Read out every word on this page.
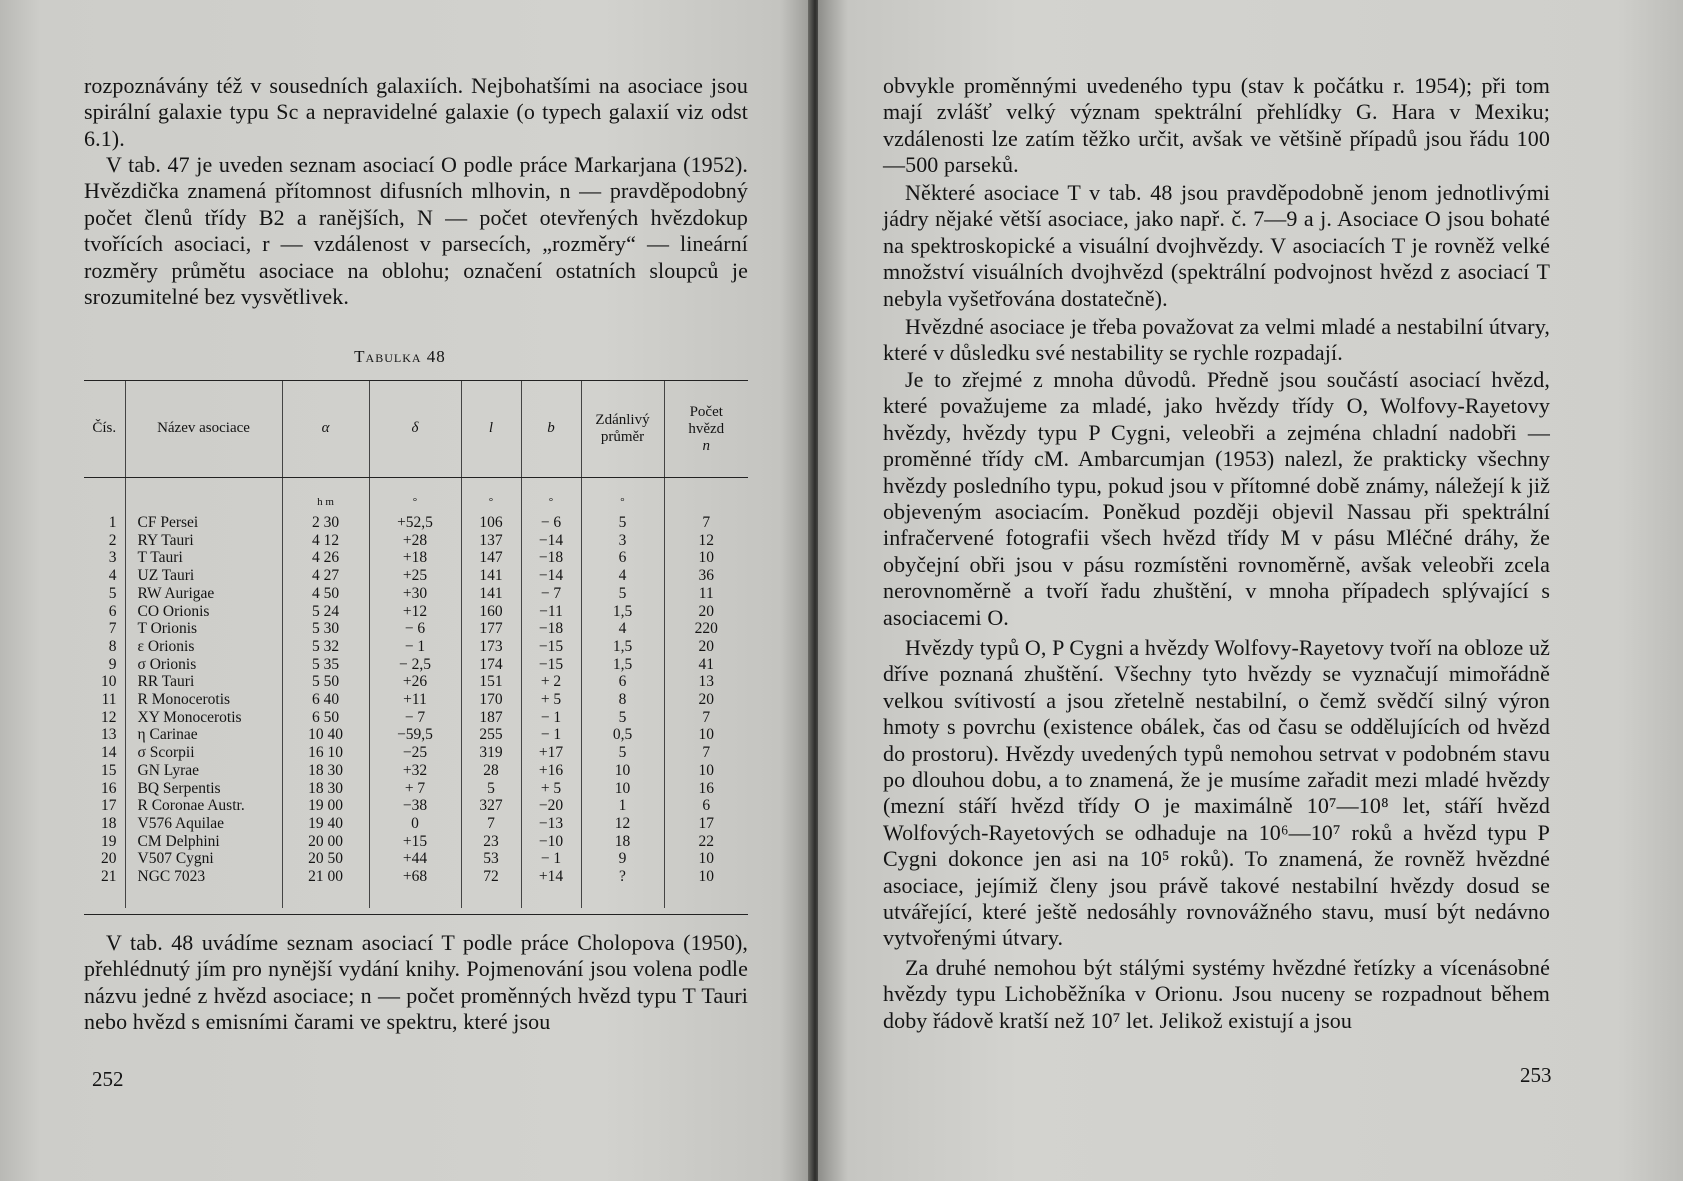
rozpoznávány též v sousedních galaxiích. Nejbohatšími na asociace jsou spirální galaxie typu Sc a nepravidelné galaxie (o typech galaxií viz odst 6.1).

V tab. 47 je uveden seznam asociací O podle práce Markarjana (1952). Hvězdička znamená přítomnost difusních mlhovin, n — pravděpodobný počet členů třídy B2 a ranějších, N — počet otevřených hvězdokup tvořících asociaci, r — vzdálenost v parsecích, „rozměry“ — lineární rozměry průmětu asociace na oblohu; označení ostatních sloupců je srozumitelné bez vysvětlivek.

Tabulka 48
Čís.	Název asociace	α	δ	l	b	Zdánlivý průměr	Počet hvězd
n

		h m	°	°	°	°	
1	CF Persei	2 30	+52,5	106	− 6	5	7
2	RY Tauri	4 12	+28	137	−14	3	12
3	T Tauri	4 26	+18	147	−18	6	10
4	UZ Tauri	4 27	+25	141	−14	4	36
5	RW Aurigae	4 50	+30	141	− 7	5	11
6	CO Orionis	5 24	+12	160	−11	1,5	20
7	T Orionis	5 30	− 6	177	−18	4	220
8	ε Orionis	5 32	− 1	173	−15	1,5	20
9	σ Orionis	5 35	− 2,5	174	−15	1,5	41
10	RR Tauri	5 50	+26	151	+ 2	6	13
11	R Monocerotis	6 40	+11	170	+ 5	8	20
12	XY Monocerotis	6 50	− 7	187	− 1	5	7
13	η Carinae	10 40	−59,5	255	− 1	0,5	10
14	σ Scorpii	16 10	−25	319	+17	5	7
15	GN Lyrae	18 30	+32	28	+16	10	10
16	BQ Serpentis	18 30	+ 7	5	+ 5	10	16
17	R Coronae Austr.	19 00	−38	327	−20	1	6
18	V576 Aquilae	19 40	0	7	−13	12	17
19	CM Delphini	20 00	+15	23	−10	18	22
20	V507 Cygni	20 50	+44	53	− 1	9	10
21	NGC 7023	21 00	+68	72	+14	?	10

V tab. 48 uvádíme seznam asociací T podle práce Cholopova (1950), přehlédnutý jím pro nynější vydání knihy. Pojmenování jsou volena podle názvu jedné z hvězd asociace; n — počet proměnných hvězd typu T Tauri nebo hvězd s emisními čarami ve spektru, které jsou

252

obvykle proměnnými uvedeného typu (stav k počátku r. 1954); při tom mají zvlášť velký význam spektrální přehlídky G. Hara v Mexiku; vzdálenosti lze zatím těžko určit, avšak ve většině případů jsou řádu 100—500 parseků.

Některé asociace T v tab. 48 jsou pravděpodobně jenom jednotlivými jádry nějaké větší asociace, jako např. č. 7—9 a j. Asociace O jsou bohaté na spektroskopické a visuální dvojhvězdy. V asociacích T je rovněž velké množství visuálních dvojhvězd (spektrální podvojnost hvězd z asociací T nebyla vyšetřována dostatečně).

Hvězdné asociace je třeba považovat za velmi mladé a nestabilní útvary, které v důsledku své nestability se rychle rozpadají.

Je to zřejmé z mnoha důvodů. Předně jsou součástí asociací hvězd, které považujeme za mladé, jako hvězdy třídy O, Wolfovy-Rayetovy hvězdy, hvězdy typu P Cygni, veleobři a zejména chladní nadobři — proměnné třídy cM. Ambarcumjan (1953) nalezl, že prakticky všechny hvězdy posledního typu, pokud jsou v přítomné době známy, náležejí k již objeveným asociacím. Poněkud později objevil Nassau při spektrální infračervené fotografii všech hvězd třídy M v pásu Mléčné dráhy, že obyčejní obři jsou v pásu rozmístěni rovnoměrně, avšak veleobři zcela nerovnoměrně a tvoří řadu zhuštění, v mnoha případech splývající s asociacemi O.

Hvězdy typů O, P Cygni a hvězdy Wolfovy-Rayetovy tvoří na obloze už dříve poznaná zhuštění. Všechny tyto hvězdy se vyznačují mimořádně velkou svítivostí a jsou zřetelně nestabilní, o čemž svědčí silný výron hmoty s povrchu (existence obálek, čas od času se oddělujících od hvězd do prostoru). Hvězdy uvedených typů nemohou setrvat v podobném stavu po dlouhou dobu, a to znamená, že je musíme zařadit mezi mladé hvězdy (mezní stáří hvězd třídy O je maximálně 10⁷—10⁸ let, stáří hvězd Wolfových-Rayetových se odhaduje na 10⁶—10⁷ roků a hvězd typu P Cygni dokonce jen asi na 10⁵ roků). To znamená, že rovněž hvězdné asociace, jejímiž členy jsou právě takové nestabilní hvězdy dosud se utvářející, které ještě nedosáhly rovnovážného stavu, musí být nedávno vytvořenými útvary.

Za druhé nemohou být stálými systémy hvězdné řetízky a vícenásobné hvězdy typu Lichoběžníka v Orionu. Jsou nuceny se rozpadnout během doby řádově kratší než 10⁷ let. Jelikož existují a jsou

253
